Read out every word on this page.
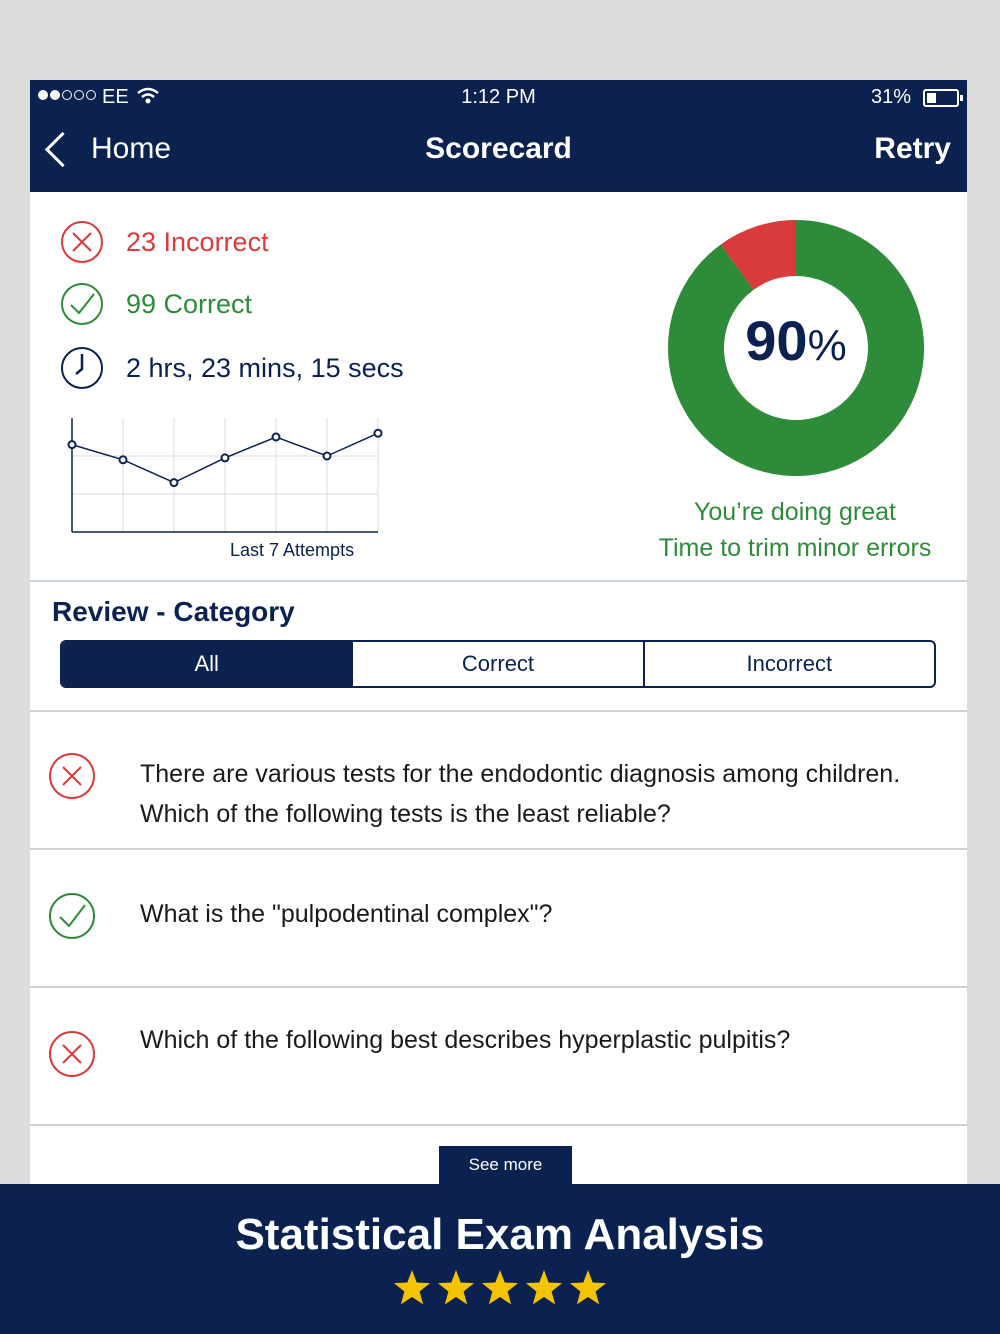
EE	1:12 PM	31%
Home	Scorecard	Retry
23 Incorrect
99 Correct
2 hrs, 23 mins, 15 secs
Last 7 Attempts
90%
You’re doing great
Time to trim minor errors
Review - Category
All	Correct	Incorrect
There are various tests for the endodontic diagnosis among children. Which of the following tests is the least reliable?
What is the "pulpodentinal complex"?
Which of the following best describes hyperplastic pulpitis?
See more
Statistical Exam Analysis
